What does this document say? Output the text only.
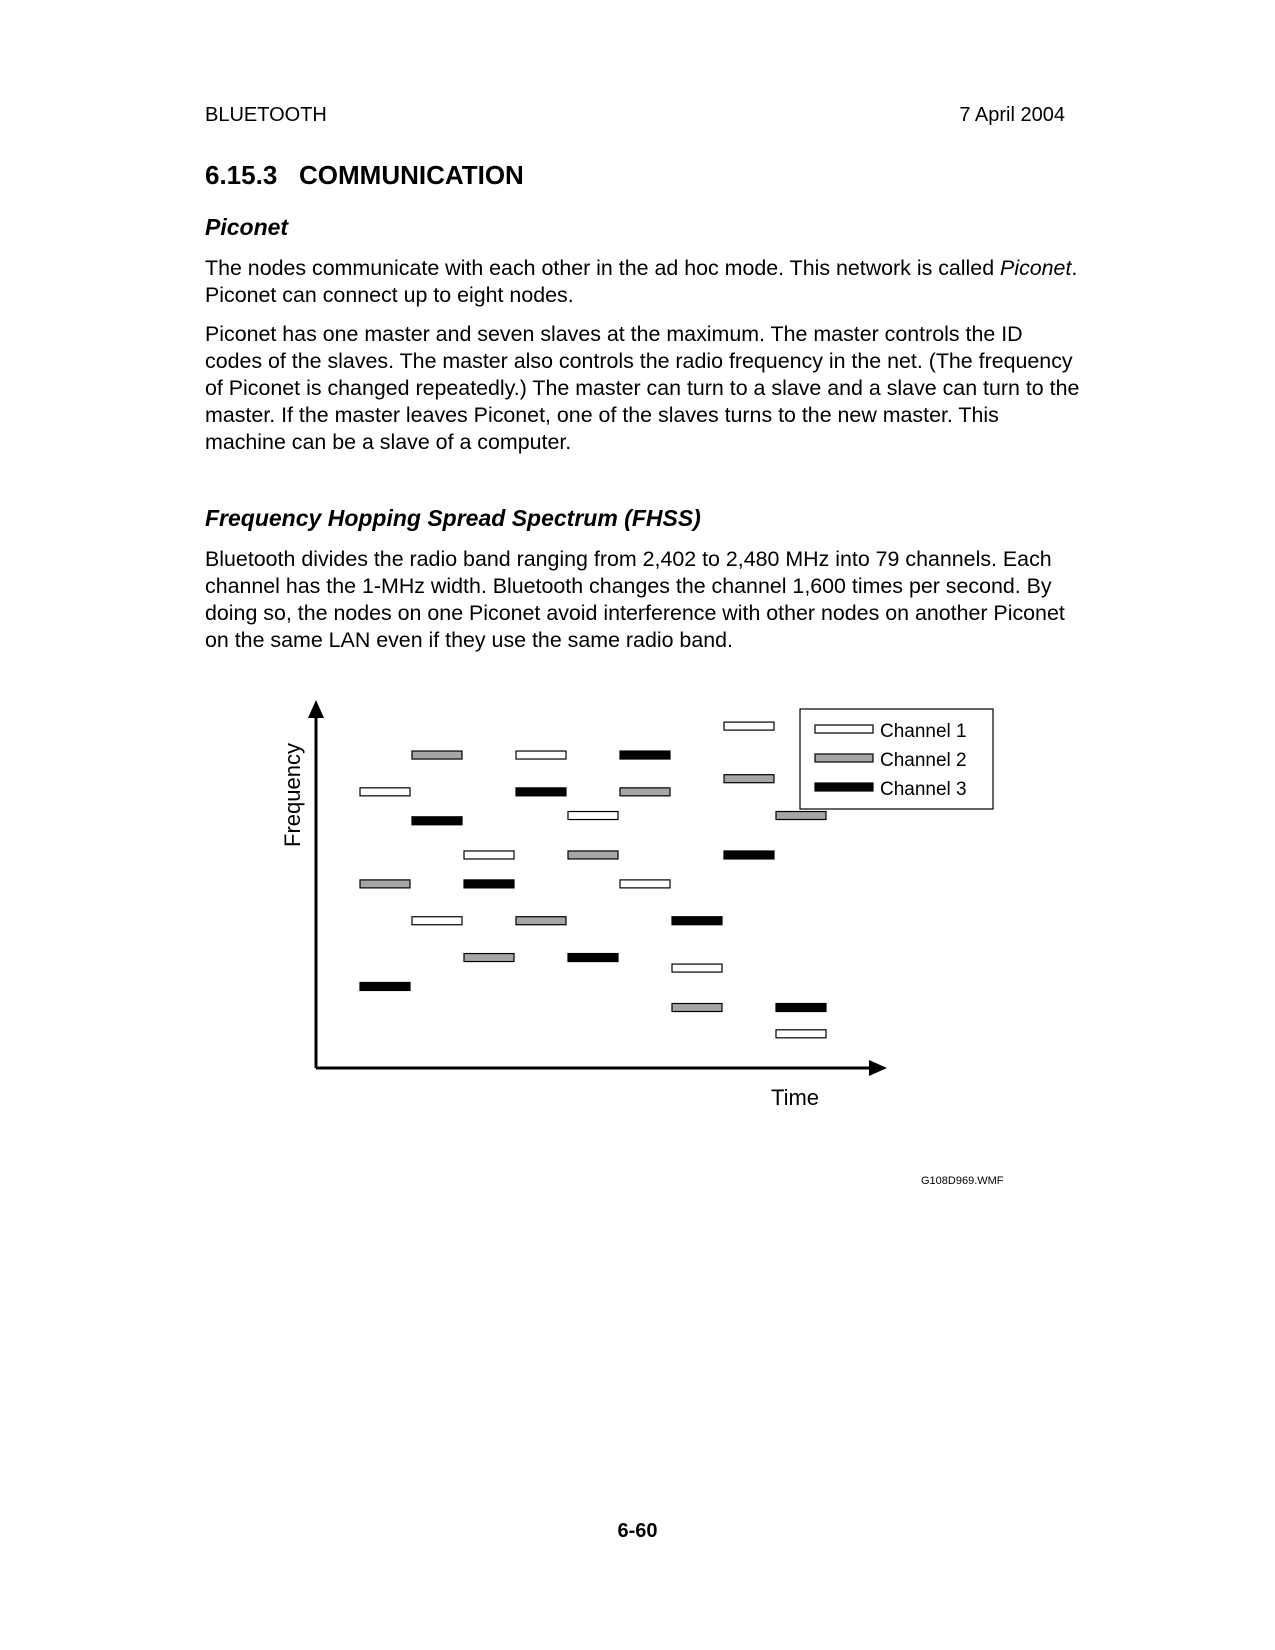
BLUETOOTH	7 April 2004
6.15.3 COMMUNICATION
Piconet

The nodes communicate with each other in the ad hoc mode. This network is called Piconet. Piconet can connect up to eight nodes.

Piconet has one master and seven slaves at the maximum. The master controls the ID codes of the slaves. The master also controls the radio frequency in the net. (The frequency of Piconet is changed repeatedly.) The master can turn to a slave and a slave can turn to the master. If the master leaves Piconet, one of the slaves turns to the new master. This machine can be a slave of a computer.

Frequency Hopping Spread Spectrum (FHSS)

Bluetooth divides the radio band ranging from 2,402 to 2,480 MHz into 79 channels. Each channel has the 1-MHz width. Bluetooth changes the channel 1,600 times per second. By doing so, the nodes on one Piconet avoid interference with other nodes on another Piconet on the same LAN even if they use the same radio band.

Frequency
Time
Channel 1
Channel 2
Channel 3
G108D969.WMF
6-60
